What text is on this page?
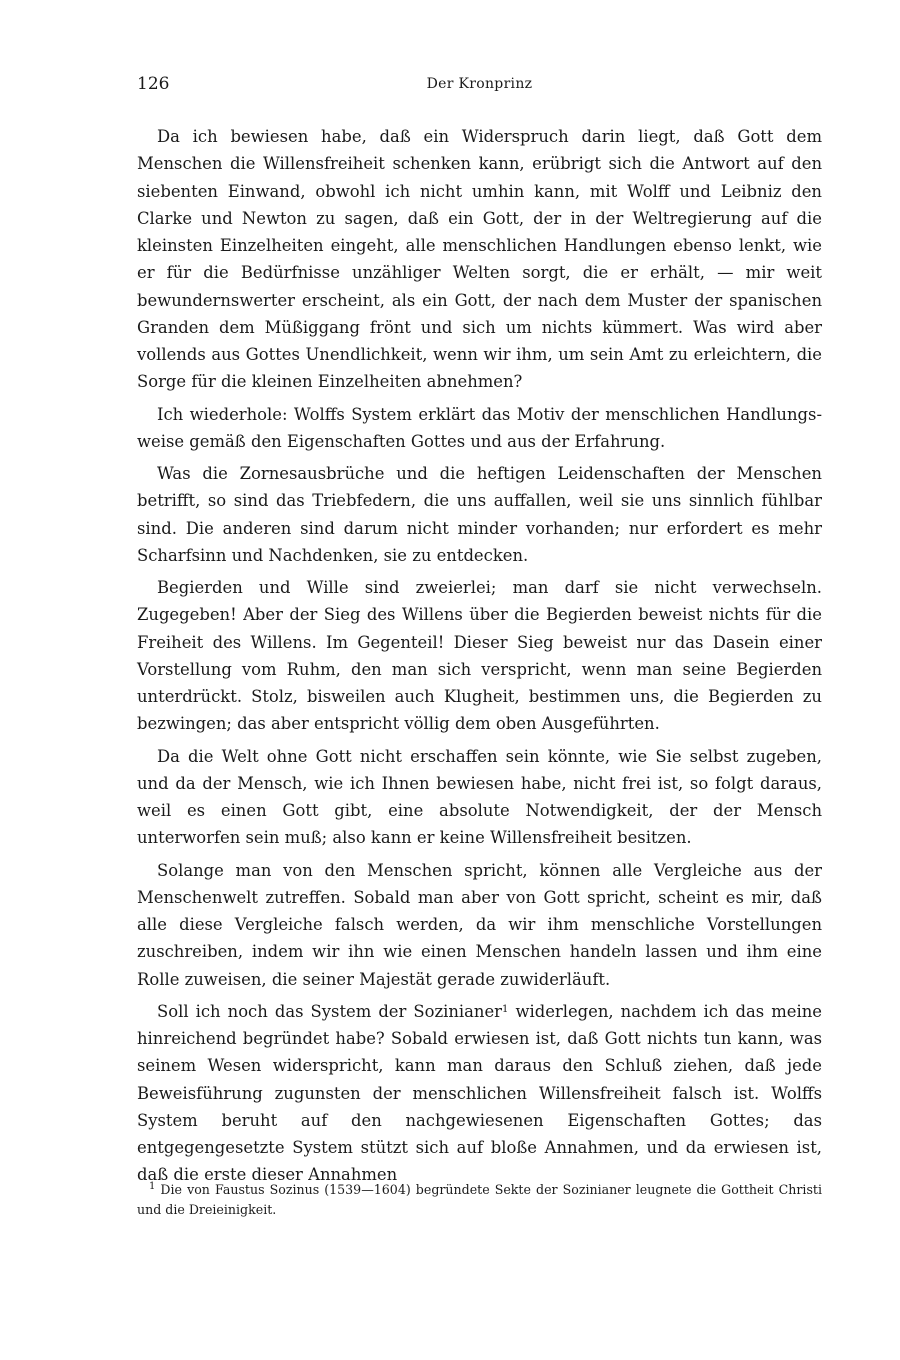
126	Der Kronprinz

Da ich bewiesen habe, daß ein Widerspruch darin liegt, daß Gott dem Menschen die Willensfreiheit schenken kann, erübrigt sich die Antwort auf den siebenten Einwand, obwohl ich nicht umhin kann, mit Wolff und Leibniz den Clarke und Newton zu sagen, daß ein Gott, der in der Weltregierung auf die kleinsten Einzelheiten eingeht, alle menschlichen Handlungen ebenso lenkt, wie er für die Bedürfnisse unzähliger Welten sorgt, die er erhält, — mir weit bewundernswerter erscheint, als ein Gott, der nach dem Muster der spanischen Granden dem Müßiggang frönt und sich um nichts kümmert. Was wird aber vollends aus Gottes Unendlichkeit, wenn wir ihm, um sein Amt zu erleichtern, die Sorge für die kleinen Einzelheiten abnehmen?

Ich wiederhole: Wolffs System erklärt das Motiv der menschlichen Handlungsweise gemäß den Eigenschaften Gottes und aus der Erfahrung.

Was die Zornesausbrüche und die heftigen Leidenschaften der Menschen betrifft, so sind das Triebfedern, die uns auffallen, weil sie uns sinnlich fühlbar sind. Die anderen sind darum nicht minder vorhanden; nur erfordert es mehr Scharfsinn und Nachdenken, sie zu entdecken.

Begierden und Wille sind zweierlei; man darf sie nicht verwechseln. Zugegeben! Aber der Sieg des Willens über die Begierden beweist nichts für die Freiheit des Willens. Im Gegenteil! Dieser Sieg beweist nur das Dasein einer Vorstellung vom Ruhm, den man sich verspricht, wenn man seine Begierden unterdrückt. Stolz, bisweilen auch Klugheit, bestimmen uns, die Begierden zu bezwingen; das aber entspricht völlig dem oben Ausgeführten.

Da die Welt ohne Gott nicht erschaffen sein könnte, wie Sie selbst zugeben, und da der Mensch, wie ich Ihnen bewiesen habe, nicht frei ist, so folgt daraus, weil es einen Gott gibt, eine absolute Notwendigkeit, der der Mensch unterworfen sein muß; also kann er keine Willensfreiheit besitzen.

Solange man von den Menschen spricht, können alle Vergleiche aus der Menschenwelt zutreffen. Sobald man aber von Gott spricht, scheint es mir, daß alle diese Vergleiche falsch werden, da wir ihm menschliche Vorstellungen zuschreiben, indem wir ihn wie einen Menschen handeln lassen und ihm eine Rolle zuweisen, die seiner Majestät gerade zuwiderläuft.

Soll ich noch das System der Sozinianer$^1$ widerlegen, nachdem ich das meine hinreichend begründet habe? Sobald erwiesen ist, daß Gott nichts tun kann, was seinem Wesen widerspricht, kann man daraus den Schluß ziehen, daß jede Beweisführung zugunsten der menschlichen Willensfreiheit falsch ist. Wolffs System beruht auf den nachgewiesenen Eigenschaften Gottes; das entgegengesetzte System stützt sich auf bloße Annahmen, und da erwiesen ist, daß die erste dieser Annahmen

$^1$ Die von Faustus Sozinus (1539—1604) begründete Sekte der Sozinianer leugnete die Gottheit Christi und die Dreieinigkeit.
